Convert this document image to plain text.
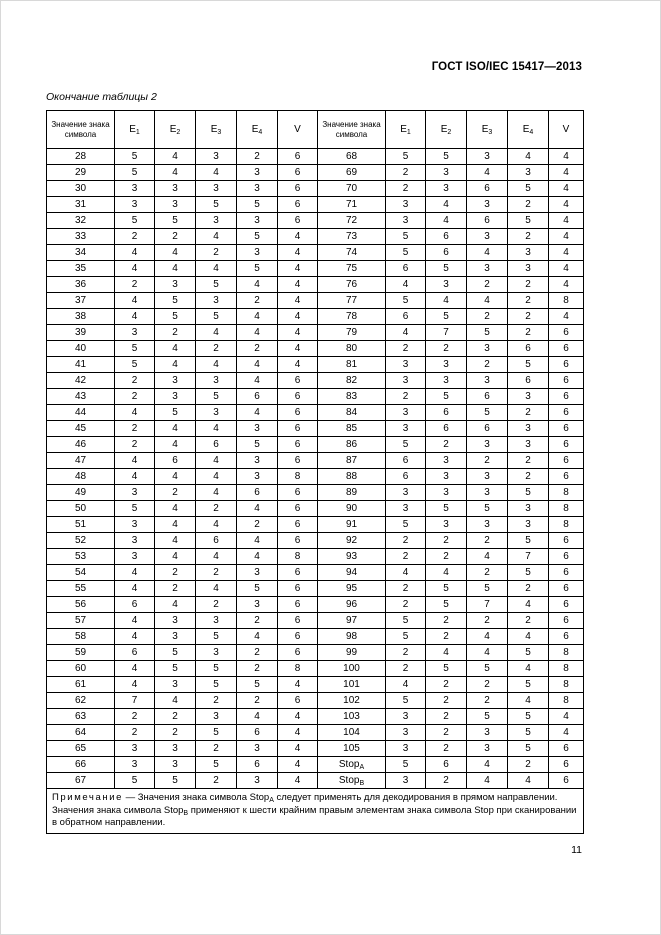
ГОСТ ISO/IEC 15417—2013
Окончание таблицы 2
Значение знака символа	$E_1$	$E_2$	$E_3$	$E_4$	V	Значение знака символа	$E_1$	$E_2$	$E_3$	$E_4$	V
28	5	4	3	2	6	68	5	5	3	4	4
29	5	4	4	3	6	69	2	3	4	3	4
30	3	3	3	3	6	70	2	3	6	5	4
31	3	3	5	5	6	71	3	4	3	2	4
32	5	5	3	3	6	72	3	4	6	5	4
33	2	2	4	5	4	73	5	6	3	2	4
34	4	4	2	3	4	74	5	6	4	3	4
35	4	4	4	5	4	75	6	5	3	3	4
36	2	3	5	4	4	76	4	3	2	2	4
37	4	5	3	2	4	77	5	4	4	2	8
38	4	5	5	4	4	78	6	5	2	2	4
39	3	2	4	4	4	79	4	7	5	2	6
40	5	4	2	2	4	80	2	2	3	6	6
41	5	4	4	4	4	81	3	3	2	5	6
42	2	3	3	4	6	82	3	3	3	6	6
43	2	3	5	6	6	83	2	5	6	3	6
44	4	5	3	4	6	84	3	6	5	2	6
45	2	4	4	3	6	85	3	6	6	3	6
46	2	4	6	5	6	86	5	2	3	3	6
47	4	6	4	3	6	87	6	3	2	2	6
48	4	4	4	3	8	88	6	3	3	2	6
49	3	2	4	6	6	89	3	3	3	5	8
50	5	4	2	4	6	90	3	5	5	3	8
51	3	4	4	2	6	91	5	3	3	3	8
52	3	4	6	4	6	92	2	2	2	5	6
53	3	4	4	4	8	93	2	2	4	7	6
54	4	2	2	3	6	94	4	4	2	5	6
55	4	2	4	5	6	95	2	5	5	2	6
56	6	4	2	3	6	96	2	5	7	4	6
57	4	3	3	2	6	97	5	2	2	2	6
58	4	3	5	4	6	98	5	2	4	4	6
59	6	5	3	2	6	99	2	4	4	5	8
60	4	5	5	2	8	100	2	5	5	4	8
61	4	3	5	5	4	101	4	2	2	5	8
62	7	4	2	2	6	102	5	2	2	4	8
63	2	2	3	4	4	103	3	2	5	5	4
64	2	2	5	6	4	104	3	2	3	5	4
65	3	3	2	3	4	105	3	2	3	5	6
66	3	3	5	6	4	Stop$_A$	5	6	4	2	6
67	5	5	2	3	4	Stop$_B$	3	2	4	4	6
Примечание — Значения знака символа Stop$_A$ следует применять для декодирования в прямом направлении. Значения знака символа Stop$_B$ применяют к шести крайним правым элементам знака символа Stop при сканировании в обратном направлении.											
11
